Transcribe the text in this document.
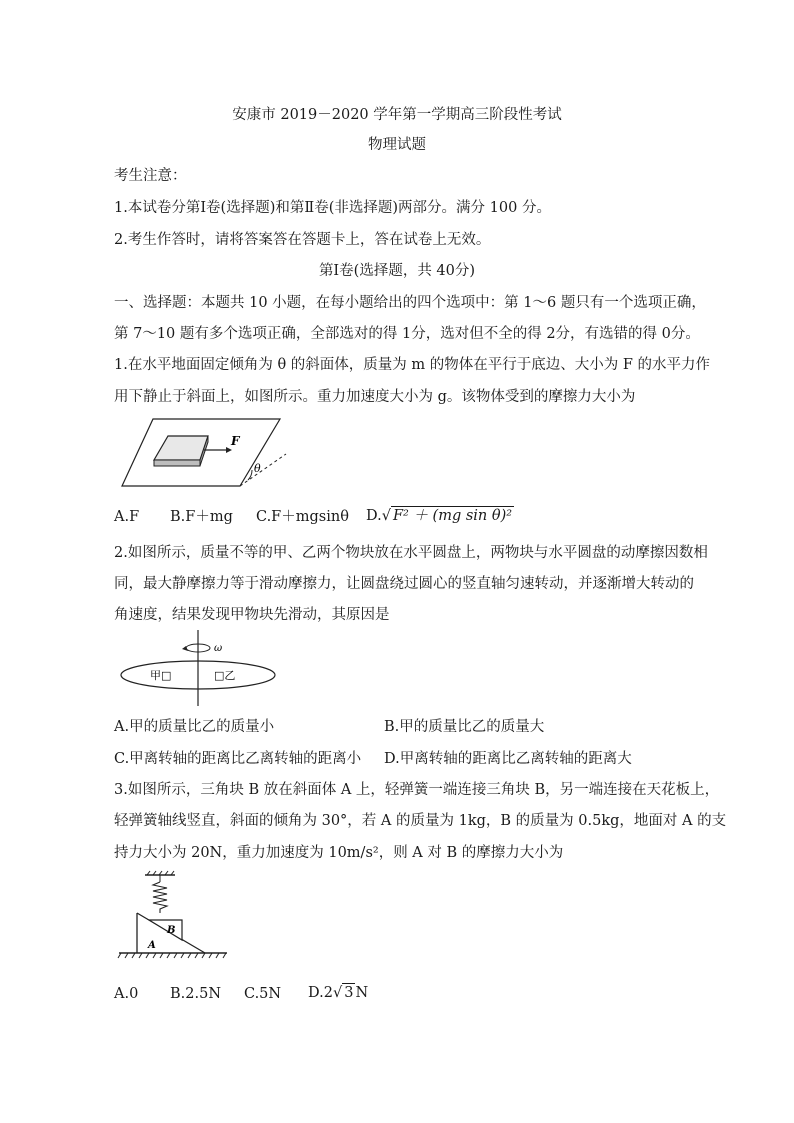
安康市 2019－2020 学年第一学期高三阶段性考试
物理试题
考生注意：
1.本试卷分第Ⅰ卷(选择题)和第Ⅱ卷(非选择题)两部分。满分 100 分。
2.考生作答时，请将答案答在答题卡上，答在试卷上无效。
第Ⅰ卷(选择题，共 40分)
一、选择题：本题共 10 小题，在每小题给出的四个选项中：第 1～6 题只有一个选项正确，
第 7～10 题有多个选项正确，全部选对的得 1分，选对但不全的得 2分，有选错的得 0分。
1.在水平地面固定倾角为 θ 的斜面体，质量为 m 的物体在平行于底边、大小为 F 的水平力作
用下静止于斜面上，如图所示。重力加速度大小为 g。该物体受到的摩擦力大小为
F
θ
A.F B.F＋mg C.F＋mgsinθ D.√ F² ＋ (mg sin θ)²
2.如图所示，质量不等的甲、乙两个物块放在水平圆盘上，两物块与水平圆盘的动摩擦因数相
同，最大静摩擦力等于滑动摩擦力，让圆盘绕过圆心的竖直轴匀速转动，并逐渐增大转动的
角速度，结果发现甲物块先滑动，其原因是
ω
甲□	□乙
A.甲的质量比乙的质量小	B.甲的质量比乙的质量大
C.甲离转轴的距离比乙离转轴的距离小 D.甲离转轴的距离比乙离转轴的距离大
3.如图所示，三角块 B 放在斜面体 A 上，轻弹簧一端连接三角块 B，另一端连接在天花板上，
轻弹簧轴线竖直，斜面的倾角为 30°，若 A 的质量为 1kg，B 的质量为 0.5kg，地面对 A 的支
持力大小为 20N，重力加速度为 10m/s²，则 A 对 B 的摩擦力大小为
B
A
A.0 B.2.5N C.5N D.2√ 3 N
